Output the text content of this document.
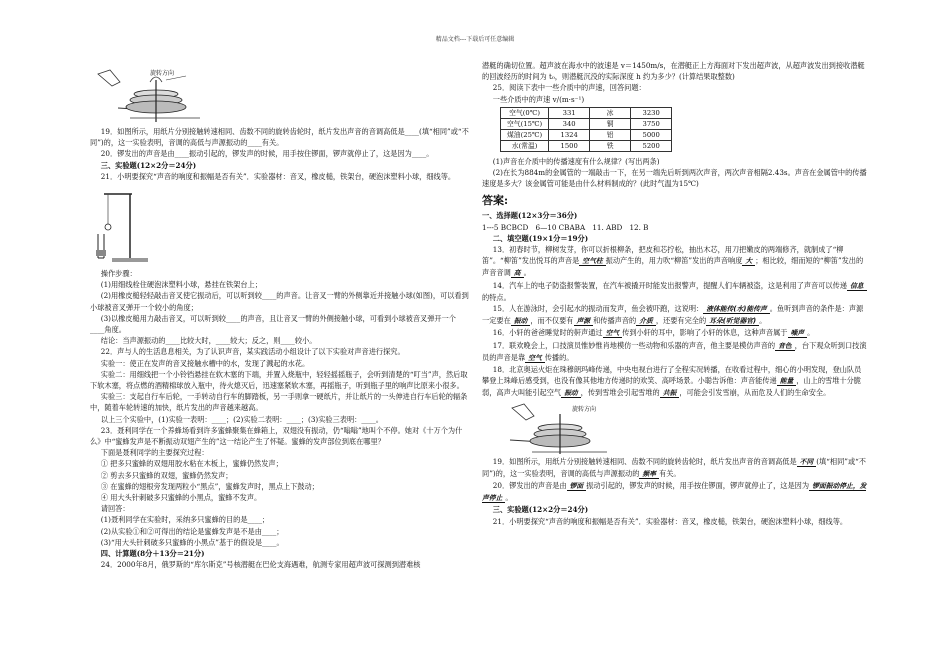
精品文档---下载后可任意编辑
旋转方向

19．如图所示，用纸片分别接触转速相同、齿数不同的旋转齿轮时，纸片发出声音的音调高低是____(填“相同”或“不同”)的，这一实验表明，音调的高低与声源振动的____有关。

20．锣发出的声音是由____振动引起的，锣发声的时候，用手按住锣面，锣声就停止了，这是因为____。

三、实验题(12×2分＝24分)

21．小明要探究“声音的响度和振幅是否有关”．实验器材：音叉，橡皮槌，铁架台，硬泡沫塑料小球，细线等。

操作步骤：

(1)用细线栓住硬泡沫塑料小球，悬挂在铁架台上；

(2)用橡皮槌轻轻敲击音叉使它振动后，可以听到较____的声音。让音叉一臂的外侧靠近并接触小球(如图)，可以看到小球被音叉弹开一个较小的角度；

(3)以橡皮槌用力敲击音叉，可以听到较____的声音，且让音叉一臂的外侧接触小球，可看到小球被音叉弹开一个____角度。

结论：当声源振动的____比较大时，____较大；反之，则____较小。

22．声与人的生活息息相关，为了认识声音，某实践活动小组设计了以下实验对声音进行探究。

实验一：使正在发声的音叉接触水槽中的水，发现了溅起的水花。

实验二：用细线把一个小铃铛悬挂在软木塞的下端，并置入烧瓶中，轻轻摇摇瓶子，会听到清楚的“叮当”声，然后取下软木塞，将点燃的酒精棉球放入瓶中，待火熄灭后，迅速塞紧软木塞，再摇瓶子，听到瓶子里的响声比原来小很多。

实验三：支起自行车后轮，一手转动自行车的脚踏板，另一手则拿一硬纸片，并让纸片的一头伸进自行车后轮的辐条中，随着车轮转速的加快，纸片发出的声音越来越高。

以上三个实验中，(1)实验一表明：____；(2)实验二表明：____；(3)实验三表明：____。

23．聂利同学在一个养蜂场看到许多蜜蜂聚集在蜂箱上，双翅没有振动，仍“嗡嗡”地叫个不停。她对《十万个为什么》中“蜜蜂发声是不断振动双翅产生的”这一结论产生了怀疑。蜜蜂的发声部位到底在哪里？

下面是聂利同学的主要探究过程：

① 把多只蜜蜂的双翅用胶水粘在木板上，蜜蜂仍然发声；

② 剪去多只蜜蜂的双翅，蜜蜂仍然发声；

③ 在蜜蜂的翅根旁发现两粒小“黑点”，蜜蜂发声时，黑点上下鼓动；

④ 用大头针刺破多只蜜蜂的小黑点，蜜蜂不发声。

请回答：

(1)聂利同学在实验时，采纳多只蜜蜂的目的是____；

(2)从实验①和②可得出的结论是蜜蜂发声是不是由____；

(3)“用大头针刺破多只蜜蜂的小黑点”基于的假设是____。

四、计算题(8分＋13分＝21分)

24．2000年8月，俄罗斯的“库尔斯克”号核潜艇在巴伦支海遇难，航测专家用超声波可探测到潜难核

潜艇的确切位置。超声波在海水中的波速是 v＝1450m/s，在潜艇正上方海面对下发出超声波，从超声波发出到接收潜艇的回波经历的时间为 t₀，则潜艇沉没的实际深度 h 约为多少？(计算结果取整数)

25．阅读下表中一些介质中的声速，回答问题：

一些介质中的声速 v/(m·s⁻¹)

空气(0℃)	331	冰	3230
空气(15℃)	340	铜	3750
煤油(25℃)	1324	铝	5000
水(常温)	1500	铁	5200

(1)声音在介质中的传播速度有什么规律？(写出两条)

(2)在长为884m的金属管的一端敲击一下，在另一端先后听到两次声音，两次声音相隔2.43s。声音在金属管中的传播速度是多大？该金属管可能是由什么材料制成的？(此时气温为15℃)

答案:

一、选择题(12×3分＝36分)

1---5 BCBCD　6—10 CBABA　11. ABD　12. B

二、填空题(19×1分＝19分)

13．初春时节，柳树发芽，你可以折根柳条，把皮和芯拧松，抽出木芯，用刀把嫩皮的两端修齐，就制成了“柳笛”。“柳笛”发出悦耳的声音是 空气柱 振动产生的，用力吹“柳笛”发出的声音响度 大 ；相比较，细而短的“柳笛”发出的声音音调 高 。

14．汽车上的电子防盗报警装置，在汽车被撬开时能发出报警声，提醒人们车辆被盗，这是利用了声音可以传递 信息的特点。

15．人在游泳时，会引起水的振动而发声，鱼会被吓跑，这说明： 液体能传(水)能传声 。鱼听到声音的条件是：声源一定要在 振动 ，而不仅要有 声源 和传播声音的 介质 ，还要有完全的 耳朵(听觉器官) 。

16．小轩的爸爸睡觉时的鼾声通过 空气 传到小轩的耳中，影响了小轩的休息，这种声音属于 噪声 。

17．联欢晚会上，口技演员惟妙惟肖地模仿一些动物和乐器的声音，他主要是模仿声音的 音色 ，台下观众听到口技演员的声音是靠 空气 传播的。

18．北京奥运火炬在珠穆朗玛峰传递，中央电视台进行了全程实况转播，在收看过程中，细心的小明发现，登山队员攀登上珠峰后感受到，也没有像其他地方传递时的欢笑、高呼场景。小聪告诉他：声音能传递 能量 ，山上的雪堆十分脆弱，高声大叫能引起空气 振动 ，传到雪堆会引起雪堆的 共振 ，可能会引发雪崩，从而危及人们的生命安全。

旋转方向

19．如图所示，用纸片分别接触转速相同、齿数不同的旋转齿轮时，纸片发出声音的音调高低是 不同 (填“相同”或“不同”)的，这一实验表明，音调的高低与声源振动的 频率 有关。

20．锣发出的声音是由 锣面 振动引起的，锣发声的时候，用手按住锣面，锣声就停止了，这是因为 锣面振动停止，发声停止 。

三、实验题(12×2分＝24分)

21．小明要探究“声音的响度和振幅是否有关”．实验器材：音叉，橡皮槌，铁架台，硬泡沫塑料小球，细线等。
